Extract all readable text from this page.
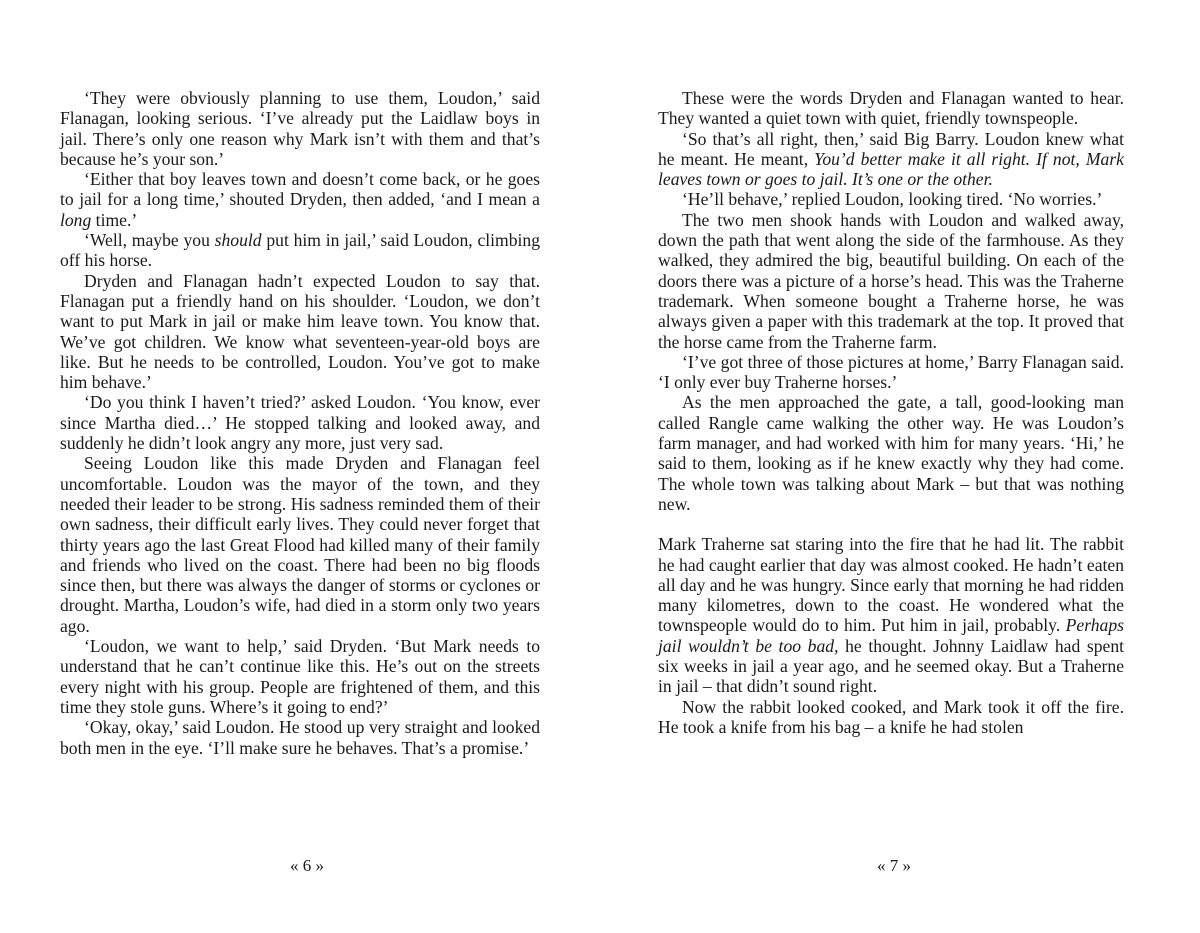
‘They were obviously planning to use them, Loudon,’ said Flanagan, looking serious. ‘I’ve already put the Laidlaw boys in jail. There’s only one reason why Mark isn’t with them and that’s because he’s your son.’

‘Either that boy leaves town and doesn’t come back, or he goes to jail for a long time,’ shouted Dryden, then added, ‘and I mean a long time.’

‘Well, maybe you should put him in jail,’ said Loudon, climbing off his horse.

Dryden and Flanagan hadn’t expected Loudon to say that. Flanagan put a friendly hand on his shoulder. ‘Loudon, we don’t want to put Mark in jail or make him leave town. You know that. We’ve got children. We know what seventeen-year-old boys are like. But he needs to be controlled, Loudon. You’ve got to make him behave.’

‘Do you think I haven’t tried?’ asked Loudon. ‘You know, ever since Martha died…’ He stopped talking and looked away, and suddenly he didn’t look angry any more, just very sad.

Seeing Loudon like this made Dryden and Flanagan feel uncomfortable. Loudon was the mayor of the town, and they needed their leader to be strong. His sadness reminded them of their own sadness, their difficult early lives. They could never forget that thirty years ago the last Great Flood had killed many of their family and friends who lived on the coast. There had been no big floods since then, but there was always the danger of storms or cyclones or drought. Martha, Loudon’s wife, had died in a storm only two years ago.

‘Loudon, we want to help,’ said Dryden. ‘But Mark needs to understand that he can’t continue like this. He’s out on the streets every night with his group. People are frightened of them, and this time they stole guns. Where’s it going to end?’

‘Okay, okay,’ said Loudon. He stood up very straight and looked both men in the eye. ‘I’ll make sure he behaves. That’s a promise.’

These were the words Dryden and Flanagan wanted to hear. They wanted a quiet town with quiet, friendly townspeople.

‘So that’s all right, then,’ said Big Barry. Loudon knew what he meant. He meant, You’d better make it all right. If not, Mark leaves town or goes to jail. It’s one or the other.

‘He’ll behave,’ replied Loudon, looking tired. ‘No worries.’

The two men shook hands with Loudon and walked away, down the path that went along the side of the farmhouse. As they walked, they admired the big, beautiful building. On each of the doors there was a picture of a horse’s head. This was the Traherne trademark. When someone bought a Traherne horse, he was always given a paper with this trademark at the top. It proved that the horse came from the Traherne farm.

‘I’ve got three of those pictures at home,’ Barry Flanagan said. ‘I only ever buy Traherne horses.’

As the men approached the gate, a tall, good-looking man called Rangle came walking the other way. He was Loudon’s farm manager, and had worked with him for many years. ‘Hi,’ he said to them, looking as if he knew exactly why they had come. The whole town was talking about Mark – but that was nothing new.

Mark Traherne sat staring into the fire that he had lit. The rabbit he had caught earlier that day was almost cooked. He hadn’t eaten all day and he was hungry. Since early that morning he had ridden many kilometres, down to the coast. He wondered what the townspeople would do to him. Put him in jail, probably. Perhaps jail wouldn’t be too bad, he thought. Johnny Laidlaw had spent six weeks in jail a year ago, and he seemed okay. But a Traherne in jail – that didn’t sound right.

Now the rabbit looked cooked, and Mark took it off the fire. He took a knife from his bag – a knife he had stolen

« 6 »	« 7 »
